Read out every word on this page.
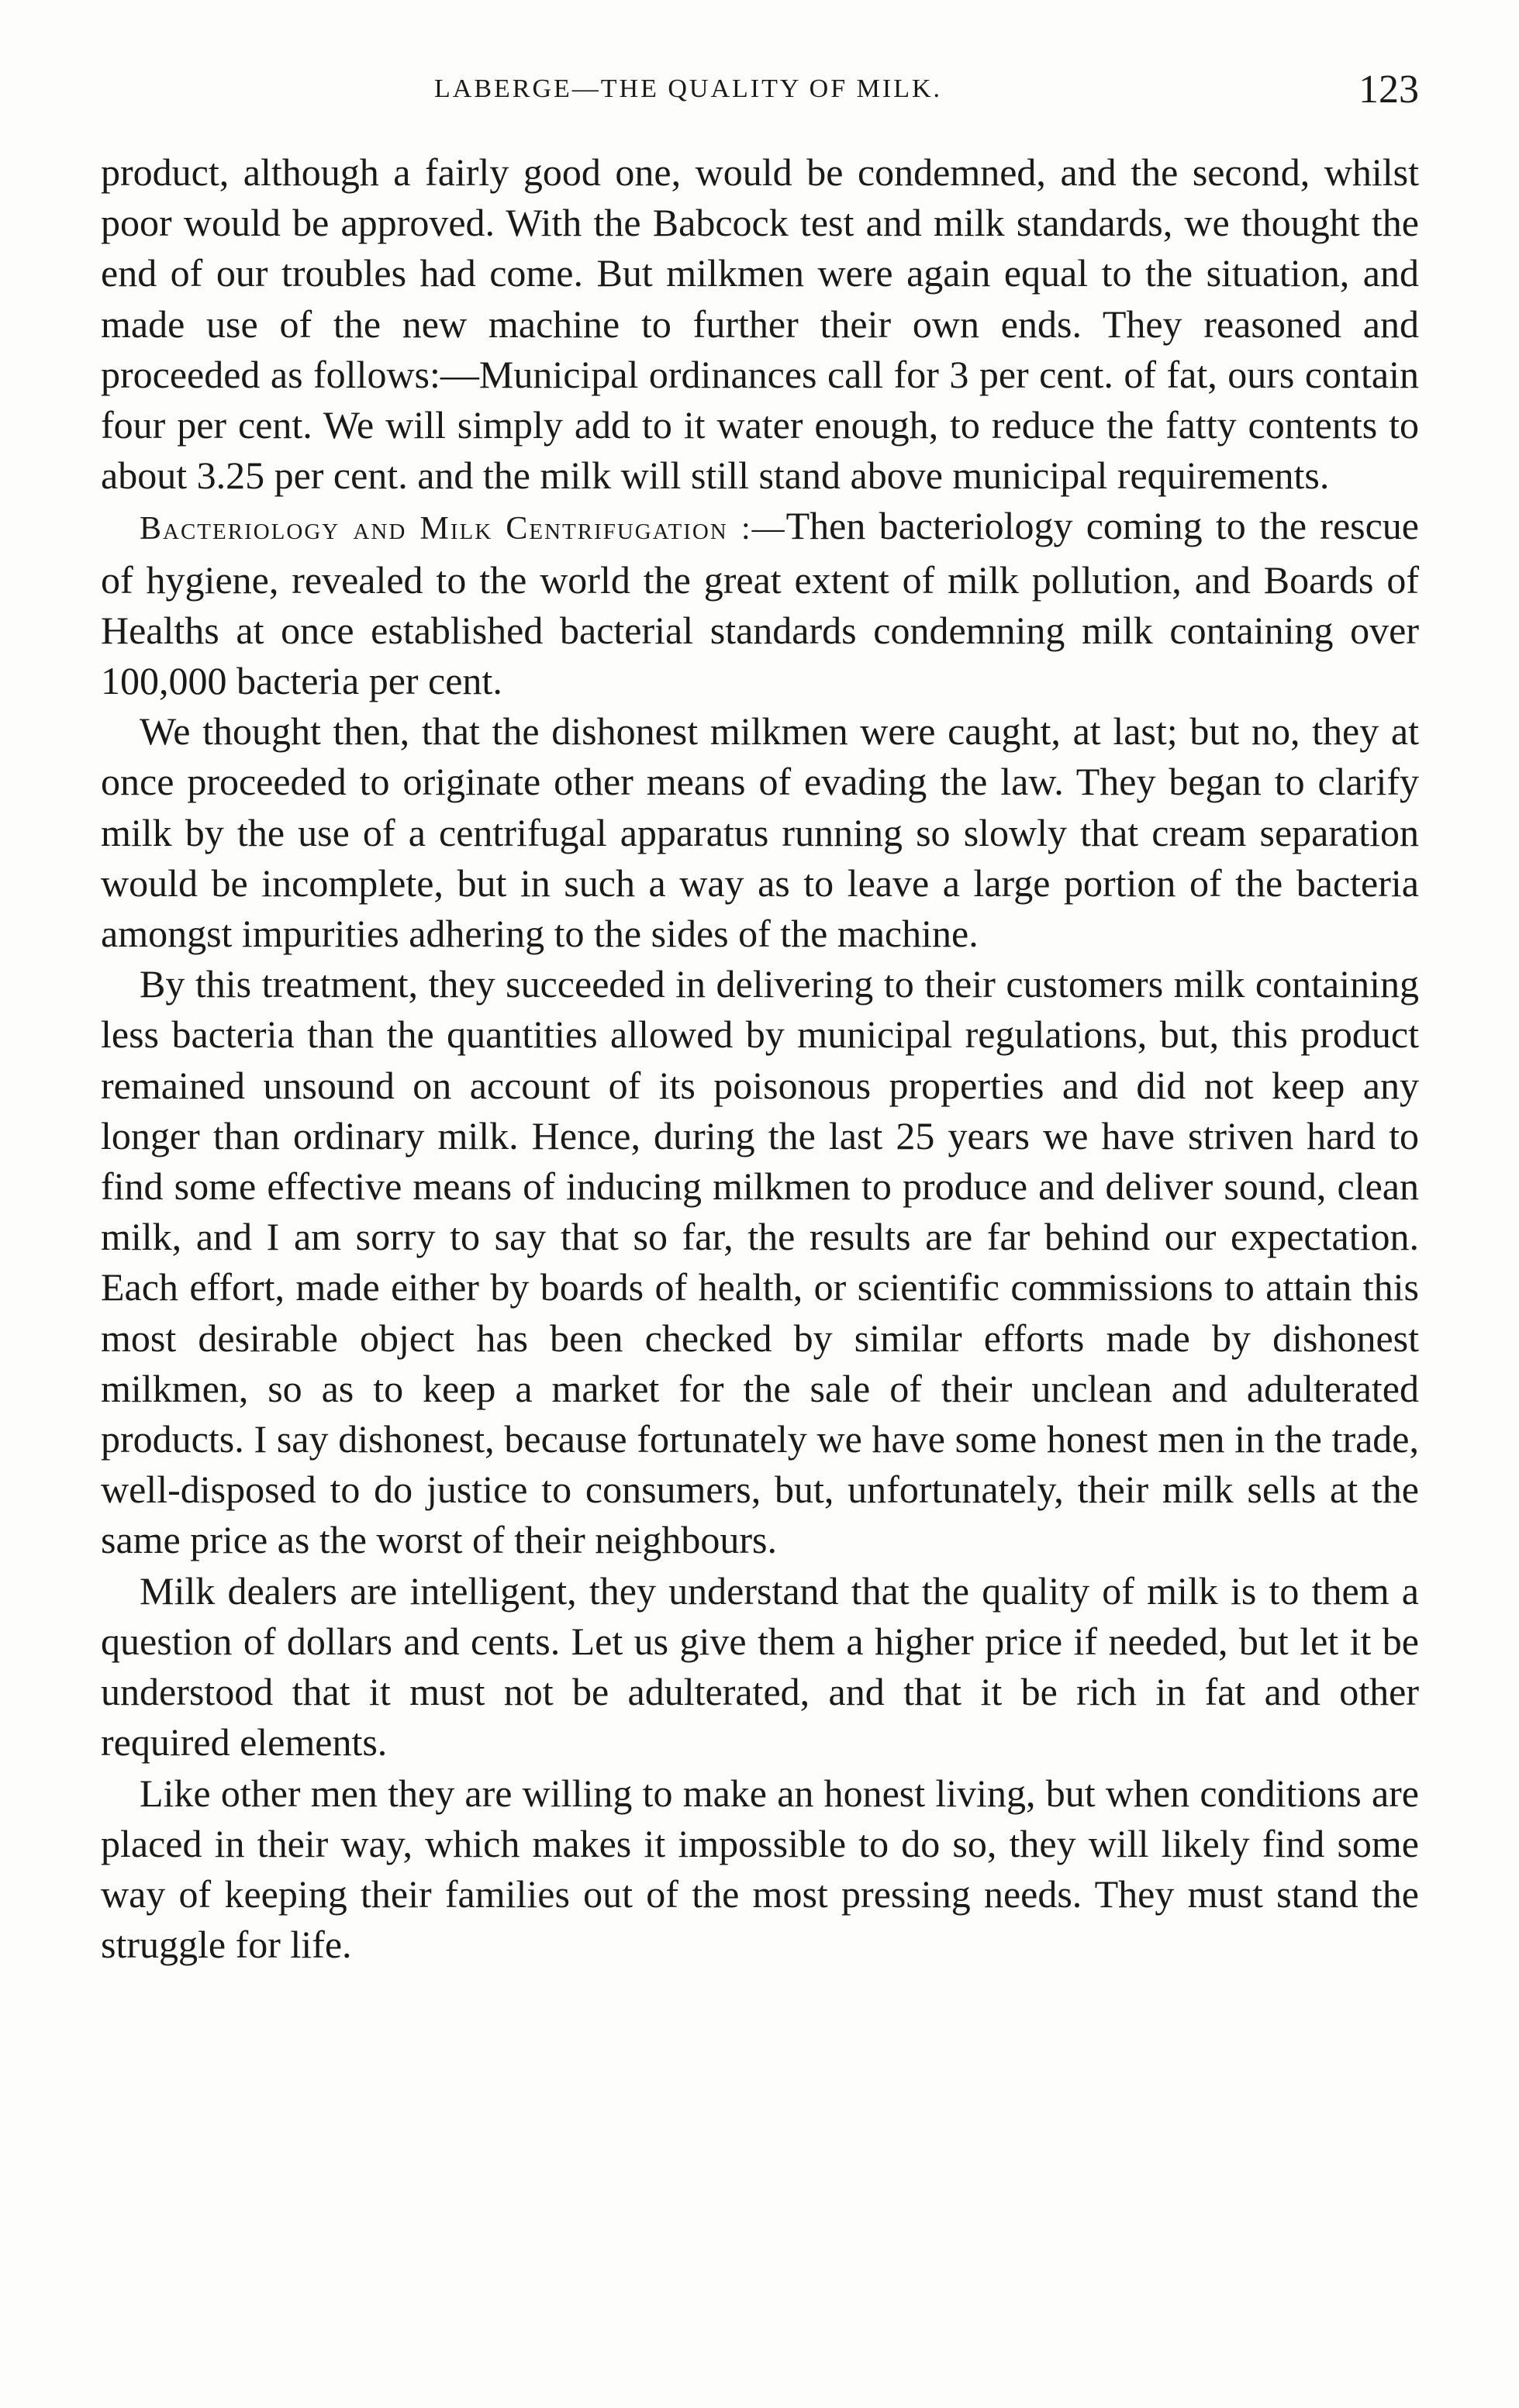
LABERGE—THE QUALITY OF MILK.	123

product, although a fairly good one, would be condemned, and the second, whilst poor would be approved. With the Babcock test and milk standards, we thought the end of our troubles had come. But milkmen were again equal to the situation, and made use of the new machine to further their own ends. They reasoned and proceeded as follows:—Municipal ordinances call for 3 per cent. of fat, ours contain four per cent. We will simply add to it water enough, to reduce the fatty contents to about 3.25 per cent. and the milk will still stand above municipal requirements.

Bacteriology and Milk Centrifugation :—Then bacteriology coming to the rescue of hygiene, revealed to the world the great extent of milk pollution, and Boards of Healths at once established bacterial standards condemning milk containing over 100,000 bacteria per cent.

We thought then, that the dishonest milkmen were caught, at last; but no, they at once proceeded to originate other means of evading the law. They began to clarify milk by the use of a centrifugal apparatus running so slowly that cream separation would be incomplete, but in such a way as to leave a large portion of the bacteria amongst impurities adhering to the sides of the machine.

By this treatment, they succeeded in delivering to their customers milk containing less bacteria than the quantities allowed by municipal regulations, but, this product remained unsound on account of its poisonous properties and did not keep any longer than ordinary milk. Hence, during the last 25 years we have striven hard to find some effective means of inducing milkmen to produce and deliver sound, clean milk, and I am sorry to say that so far, the results are far behind our expectation. Each effort, made either by boards of health, or scientific commissions to attain this most desirable object has been checked by similar efforts made by dishonest milkmen, so as to keep a market for the sale of their unclean and adulterated products. I say dishonest, because fortunately we have some honest men in the trade, well-disposed to do justice to consumers, but, unfortunately, their milk sells at the same price as the worst of their neighbours.

Milk dealers are intelligent, they understand that the quality of milk is to them a question of dollars and cents. Let us give them a higher price if needed, but let it be understood that it must not be adulterated, and that it be rich in fat and other required elements.

Like other men they are willing to make an honest living, but when conditions are placed in their way, which makes it impossible to do so, they will likely find some way of keeping their families out of the most pressing needs. They must stand the struggle for life.
